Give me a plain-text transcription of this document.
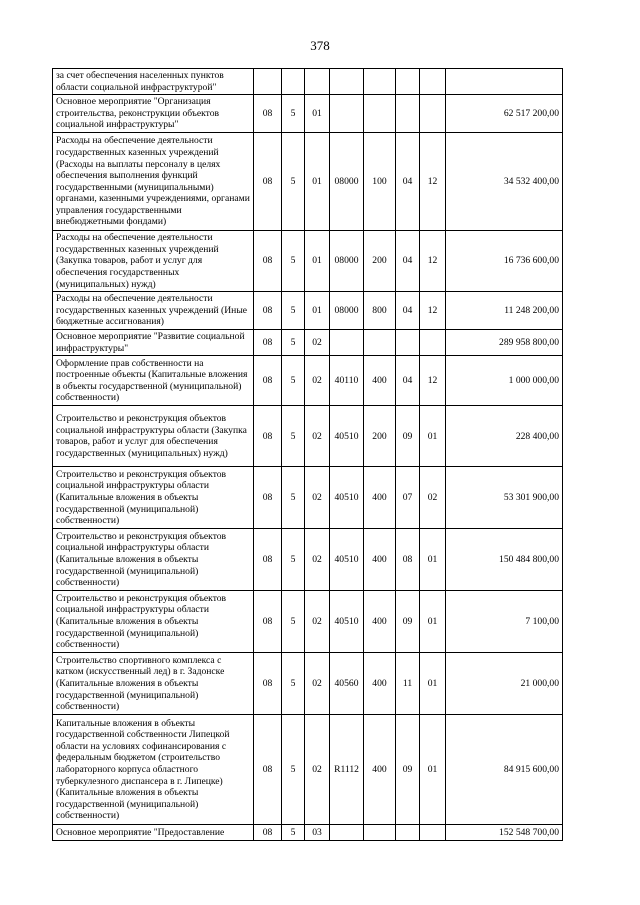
378
за счет обеспечения населенных пунктов области социальной инфраструктурой"								
Основное мероприятие "Организация строительства, реконструкции объектов социальной инфраструктуры"	08	5	01					62 517 200,00
Расходы на обеспечение деятельности государственных казенных учреждений (Расходы на выплаты персоналу в целях обеспечения выполнения функций государственными (муниципальными) органами, казенными учреждениями, органами управления государственными внебюджетными фондами)	08	5	01	08000	100	04	12	34 532 400,00
Расходы на обеспечение деятельности государственных казенных учреждений (Закупка товаров, работ и услуг для обеспечения государственных (муниципальных) нужд)	08	5	01	08000	200	04	12	16 736 600,00
Расходы на обеспечение деятельности государственных казенных учреждений (Иные бюджетные ассигнования)	08	5	01	08000	800	04	12	11 248 200,00
Основное мероприятие "Развитие социальной инфраструктуры"	08	5	02					289 958 800,00
Оформление прав собственности на построенные объекты (Капитальные вложения в объекты государственной (муниципальной) собственности)	08	5	02	40110	400	04	12	1 000 000,00
Строительство и реконструкция объектов социальной инфраструктуры области (Закупка товаров, работ и услуг для обеспечения государственных (муниципальных) нужд)	08	5	02	40510	200	09	01	228 400,00
Строительство и реконструкция объектов социальной инфраструктуры области (Капитальные вложения в объекты государственной (муниципальной) собственности)	08	5	02	40510	400	07	02	53 301 900,00
Строительство и реконструкция объектов социальной инфраструктуры области (Капитальные вложения в объекты государственной (муниципальной) собственности)	08	5	02	40510	400	08	01	150 484 800,00
Строительство и реконструкция объектов социальной инфраструктуры области (Капитальные вложения в объекты государственной (муниципальной) собственности)	08	5	02	40510	400	09	01	7 100,00
Строительство спортивного комплекса с катком (искусственный лед) в г. Задонске (Капитальные вложения в объекты государственной (муниципальной) собственности)	08	5	02	40560	400	11	01	21 000,00
Капитальные вложения в объекты государственной собственности Липецкой области на условиях софинансирования с федеральным бюджетом (строительство лабораторного корпуса областного туберкулезного диспансера в г. Липецке) (Капитальные вложения в объекты государственной (муниципальной) собственности)	08	5	02	R1112	400	09	01	84 915 600,00
Основное мероприятие "Предоставление	08	5	03					152 548 700,00
